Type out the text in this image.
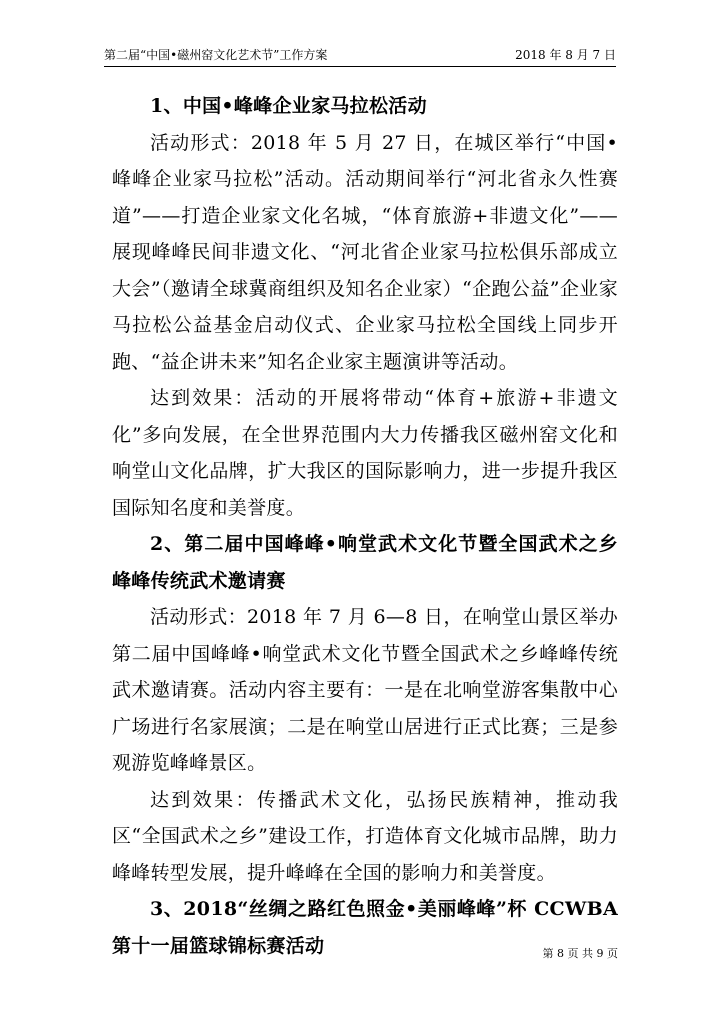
第二届“中国•磁州窑文化艺术节”工作方案	2018 年 8 月 7 日

1、中国•峰峰企业家马拉松活动

活动形式：2018 年 5 月 27 日，在城区举行“中国•峰峰企业家马拉松”活动。活动期间举行“河北省永久性赛道”——打造企业家文化名城，“体育旅游+非遗文化”——展现峰峰民间非遗文化、“河北省企业家马拉松俱乐部成立大会”（邀请全球冀商组织及知名企业家）“企跑公益”企业家马拉松公益基金启动仪式、企业家马拉松全国线上同步开跑、“益企讲未来”知名企业家主题演讲等活动。

达到效果：活动的开展将带动“体育+旅游+非遗文化”多向发展，在全世界范围内大力传播我区磁州窑文化和响堂山文化品牌，扩大我区的国际影响力，进一步提升我区国际知名度和美誉度。

2、第二届中国峰峰•响堂武术文化节暨全国武术之乡峰峰传统武术邀请赛

活动形式：2018 年 7 月 6—8 日，在响堂山景区举办第二届中国峰峰•响堂武术文化节暨全国武术之乡峰峰传统武术邀请赛。活动内容主要有：一是在北响堂游客集散中心广场进行名家展演；二是在响堂山居进行正式比赛；三是参观游览峰峰景区。

达到效果：传播武术文化，弘扬民族精神，推动我区“全国武术之乡”建设工作，打造体育文化城市品牌，助力峰峰转型发展，提升峰峰在全国的影响力和美誉度。

3、2018“丝绸之路红色照金•美丽峰峰”杯 CCWBA 第十一届篮球锦标赛活动	第 8 页 共 9 页
